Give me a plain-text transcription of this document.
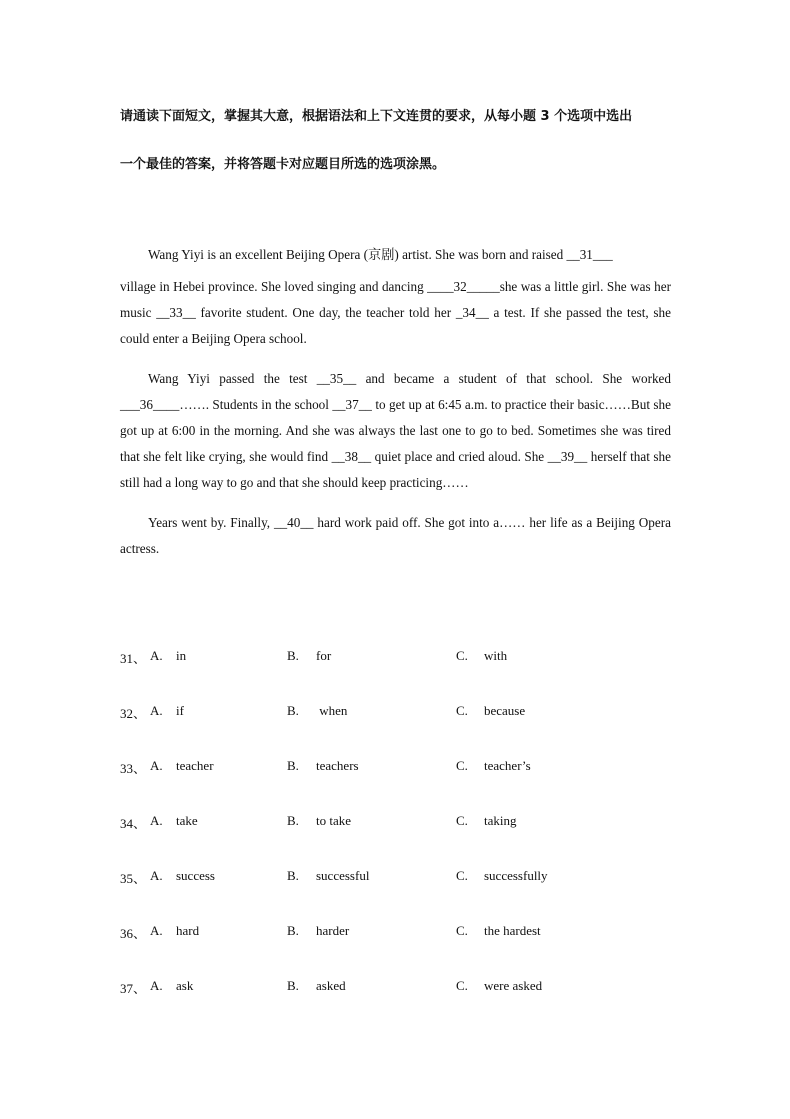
请通读下面短文，掌握其大意，根据语法和上下文连贯的要求，从每小题 3 个选项中选出
一个最佳的答案，并将答题卡对应题目所选的选项涂黑。

Wang Yiyi is an excellent Beijing Opera (京剧) artist. She was born and raised __31___
village in Hebei province. She loved singing and dancing ____32_____she was a little girl. She was her music __33__ favorite student. One day, the teacher told her _34__ a test. If she passed the test, she could enter a Beijing Opera school.

Wang Yiyi passed the test __35__ and became a student of that school. She worked ___36____……. Students in the school __37__ to get up at 6:45 a.m. to practice their basic……But she got up at 6:00 in the morning. And she was always the last one to go to bed. Sometimes she was tired that she felt like crying, she would find __38__ quiet place and cried aloud. She __39__ herself that she still had a long way to go and that she should keep practicing……

Years went by. Finally, __40__ hard work paid off. She got into a…… her life as a Beijing Opera actress.

31、 A. in	B. for	C. with
32、 A. if	B. when	C. because
33、 A. teacher	B. teachers	C. teacher’s
34、 A. take	B. to take	C. taking
35、 A. success	B. successful	C. successfully
36、 A. hard	B. harder	C. the hardest
37、 A. ask	B. asked	C. were asked
